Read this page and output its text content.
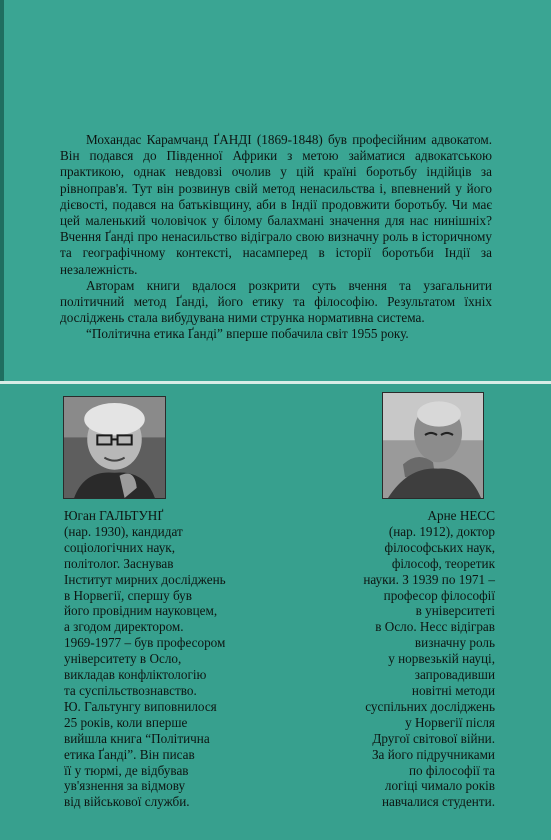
Мохандас Карамчанд ҐАНДІ (1869-1848) був професійним адвокатом. Він подався до Південної Африки з метою займатися адвокатською практикою, однак невдовзі очолив у цій країні боротьбу індійців за рівноправ'я. Тут він розвинув свій метод ненасильства і, впевнений у його дієвості, подався на батьківщину, аби в Індії продовжити боротьбу. Чи має цей маленький чоловічок у білому балахмані значення для нас нинішніх? Вчення Ґанді про ненасильство відіграло свою визначну роль в історичному та географічному контексті, насамперед в історії боротьби Індії за незалежність.

Авторам книги вдалося розкрити суть вчення та узагальнити політичний метод Ґанді, його етику та філософію. Результатом їхніх досліджень стала вибудувана ними струнка нормативна система.

“Політична етика Ґанді” вперше побачила світ 1955 року.

Юган ГАЛЬТУНҐ
(нар. 1930), кандидат
соціологічних наук,
політолог. Заснував
Інститут мирних досліджень
в Норвегії, спершу був
його провідним науковцем,
а згодом директором.
1969-1977 – був професором
університету в Осло,
викладав конфліктологію
та суспільствознавство.
Ю. Гальтунгу виповнилося
25 років, коли вперше
вийшла книга “Політична
етика Ґанді”. Він писав
її у тюрмі, де відбував
ув'язнення за відмову
від військової служби.
Арне НЕСС
(нар. 1912), доктор
філософських наук,
філософ, теоретик
науки. З 1939 по 1971 –
професор філософії
в університеті
в Осло. Несс відіграв
визначну роль
у норвезькій науці,
запровадивши
новітні методи
суспільних досліджень
у Норвегії після
Другої світової війни.
За його підручниками
по філософії та
логіці чимало років
навчалися студенти.
